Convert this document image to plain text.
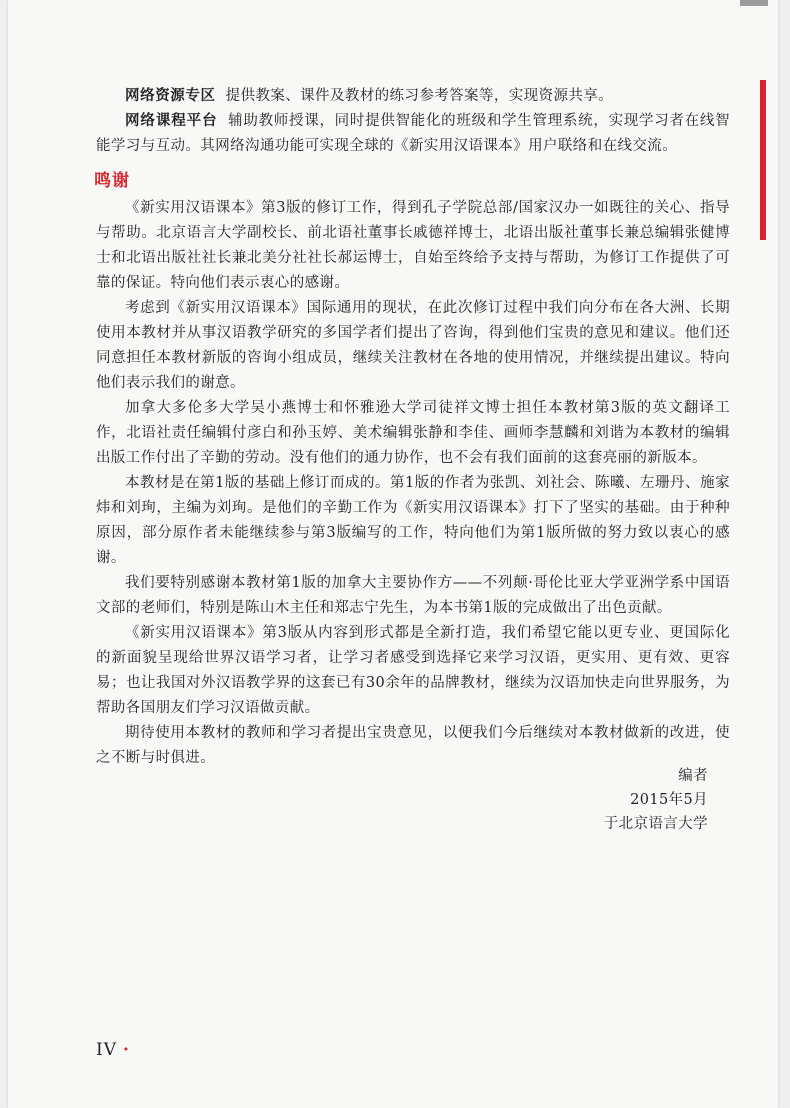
网络资源专区 提供教案、课件及教材的练习参考答案等，实现资源共享。

网络课程平台 辅助教师授课，同时提供智能化的班级和学生管理系统，实现学习者在线智能学习与互动。其网络沟通功能可实现全球的《新实用汉语课本》用户联络和在线交流。

鸣谢

《新实用汉语课本》第3版的修订工作，得到孔子学院总部/国家汉办一如既往的关心、指导与帮助。北京语言大学副校长、前北语社董事长戚德祥博士，北语出版社董事长兼总编辑张健博士和北语出版社社长兼北美分社社长郝运博士，自始至终给予支持与帮助，为修订工作提供了可靠的保证。特向他们表示衷心的感谢。

考虑到《新实用汉语课本》国际通用的现状，在此次修订过程中我们向分布在各大洲、长期使用本教材并从事汉语教学研究的多国学者们提出了咨询，得到他们宝贵的意见和建议。他们还同意担任本教材新版的咨询小组成员，继续关注教材在各地的使用情况，并继续提出建议。特向他们表示我们的谢意。

加拿大多伦多大学吴小燕博士和怀雅逊大学司徒祥文博士担任本教材第3版的英文翻译工作，北语社责任编辑付彦白和孙玉婷、美术编辑张静和李佳、画师李慧麟和刘谐为本教材的编辑出版工作付出了辛勤的劳动。没有他们的通力协作，也不会有我们面前的这套亮丽的新版本。

本教材是在第1版的基础上修订而成的。第1版的作者为张凯、刘社会、陈曦、左珊丹、施家炜和刘珣，主编为刘珣。是他们的辛勤工作为《新实用汉语课本》打下了坚实的基础。由于种种原因，部分原作者未能继续参与第3版编写的工作，特向他们为第1版所做的努力致以衷心的感谢。

我们要特别感谢本教材第1版的加拿大主要协作方——不列颠·哥伦比亚大学亚洲学系中国语文部的老师们，特别是陈山木主任和郑志宁先生，为本书第1版的完成做出了出色贡献。

《新实用汉语课本》第3版从内容到形式都是全新打造，我们希望它能以更专业、更国际化的新面貌呈现给世界汉语学习者，让学习者感受到选择它来学习汉语，更实用、更有效、更容易；也让我国对外汉语教学界的这套已有30余年的品牌教材，继续为汉语加快走向世界服务，为帮助各国朋友们学习汉语做贡献。

期待使用本教材的教师和学习者提出宝贵意见，以便我们今后继续对本教材做新的改进，使之不断与时俱进。

编者
2015年5月
于北京语言大学
IV ·
